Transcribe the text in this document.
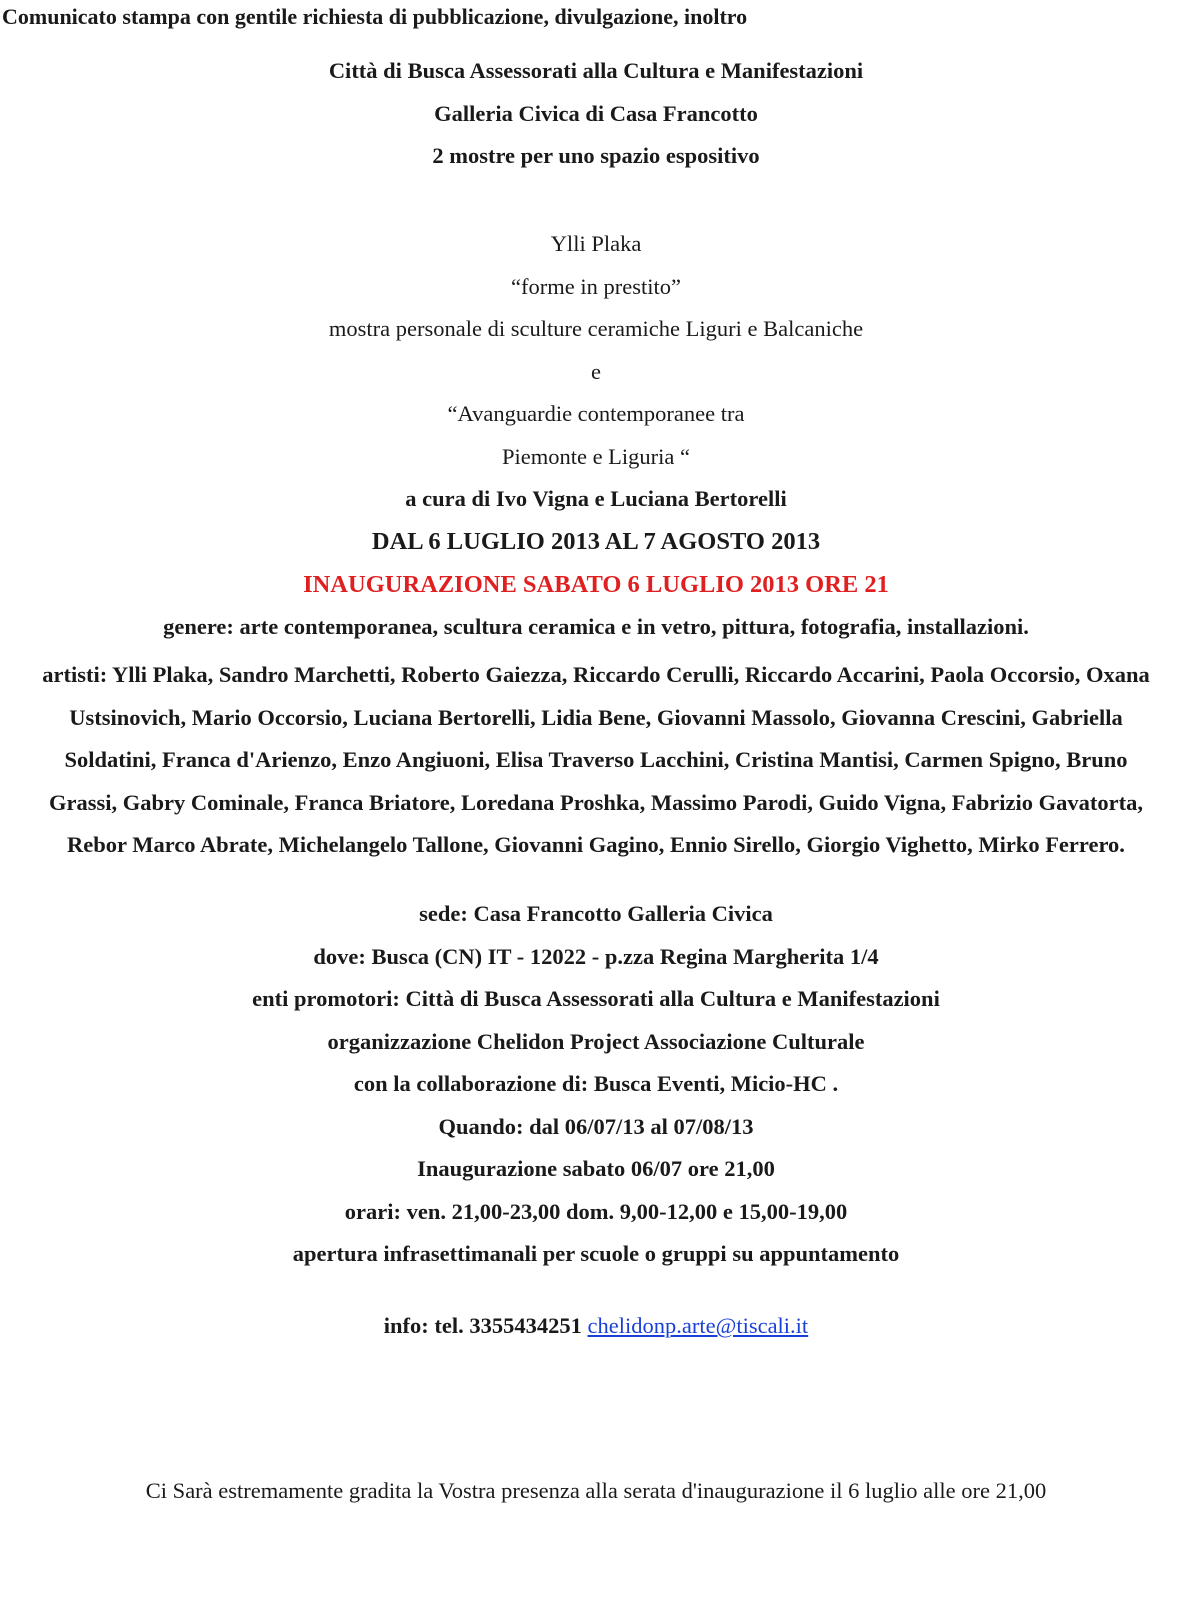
Comunicato stampa con gentile richiesta di pubblicazione, divulgazione, inoltro
Città di Busca Assessorati alla Cultura e Manifestazioni
Galleria Civica di Casa Francotto
2 mostre per uno spazio espositivo
Ylli Plaka
“forme in prestito”
mostra personale di sculture ceramiche Liguri e Balcaniche
e
“Avanguardie contemporanee tra
Piemonte e Liguria “
a cura di Ivo Vigna e Luciana Bertorelli
DAL 6 LUGLIO 2013 AL 7 AGOSTO 2013
INAUGURAZIONE SABATO 6 LUGLIO 2013 ORE 21
genere: arte contemporanea, scultura ceramica e in vetro, pittura, fotografia, installazioni.
artisti: Ylli Plaka, Sandro Marchetti, Roberto Gaiezza, Riccardo Cerulli, Riccardo Accarini, Paola Occorsio, Oxana
Ustsinovich, Mario Occorsio, Luciana Bertorelli, Lidia Bene, Giovanni Massolo, Giovanna Crescini, Gabriella
Soldatini, Franca d'Arienzo, Enzo Angiuoni, Elisa Traverso Lacchini, Cristina Mantisi, Carmen Spigno, Bruno
Grassi, Gabry Cominale, Franca Briatore, Loredana Proshka, Massimo Parodi, Guido Vigna, Fabrizio Gavatorta,
Rebor Marco Abrate, Michelangelo Tallone, Giovanni Gagino, Ennio Sirello, Giorgio Vighetto, Mirko Ferrero.
sede: Casa Francotto Galleria Civica
dove: Busca (CN) IT - 12022 - p.zza Regina Margherita 1/4
enti promotori: Città di Busca Assessorati alla Cultura e Manifestazioni
organizzazione Chelidon Project Associazione Culturale
con la collaborazione di: Busca Eventi, Micio-HC .
Quando: dal 06/07/13 al 07/08/13
Inaugurazione sabato 06/07 ore 21,00
orari: ven. 21,00-23,00 dom. 9,00-12,00 e 15,00-19,00
apertura infrasettimanali per scuole o gruppi su appuntamento
info: tel. 3355434251 chelidonp.arte@tiscali.it
Ci Sarà estremamente gradita la Vostra presenza alla serata d'inaugurazione il 6 luglio alle ore 21,00
